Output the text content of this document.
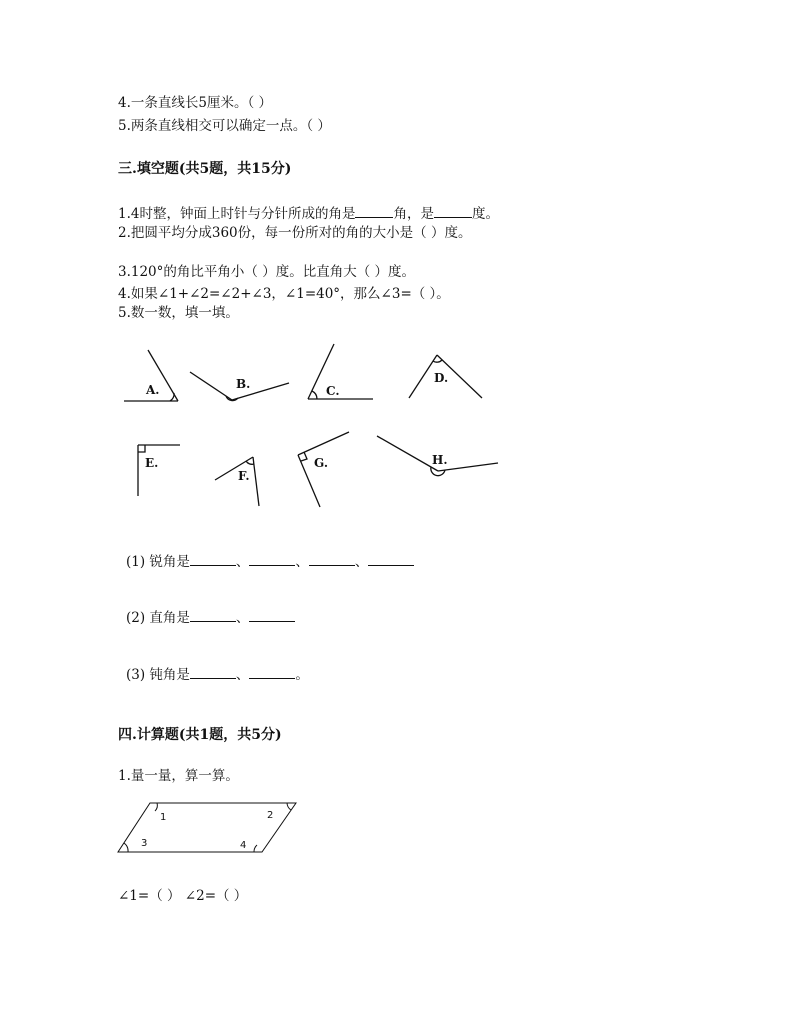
4.一条直线长5厘米。（ ）
5.两条直线相交可以确定一点。（ ）
三.填空题(共5题，共15分)
1.4时整，钟面上时针与分针所成的角是	角，是	度。
2.把圆平均分成360份，每一份所对的角的大小是（ ）度。
3.120°的角比平角小（ ）度。比直角大（ ）度。
4.如果∠1+∠2=∠2+∠3，∠1=40°，那么∠3=（ ）。
5.数一数，填一填。
A.	B.	C.
D.
E.
F.
G.	H.
1	2
3	4
(1) 锐角是	、	、	、
(2) 直角是	、
(3) 钝角是	、	。
四.计算题(共1题，共5分)
1.量一量，算一算。
∠1=（ ） ∠2=（ ）
